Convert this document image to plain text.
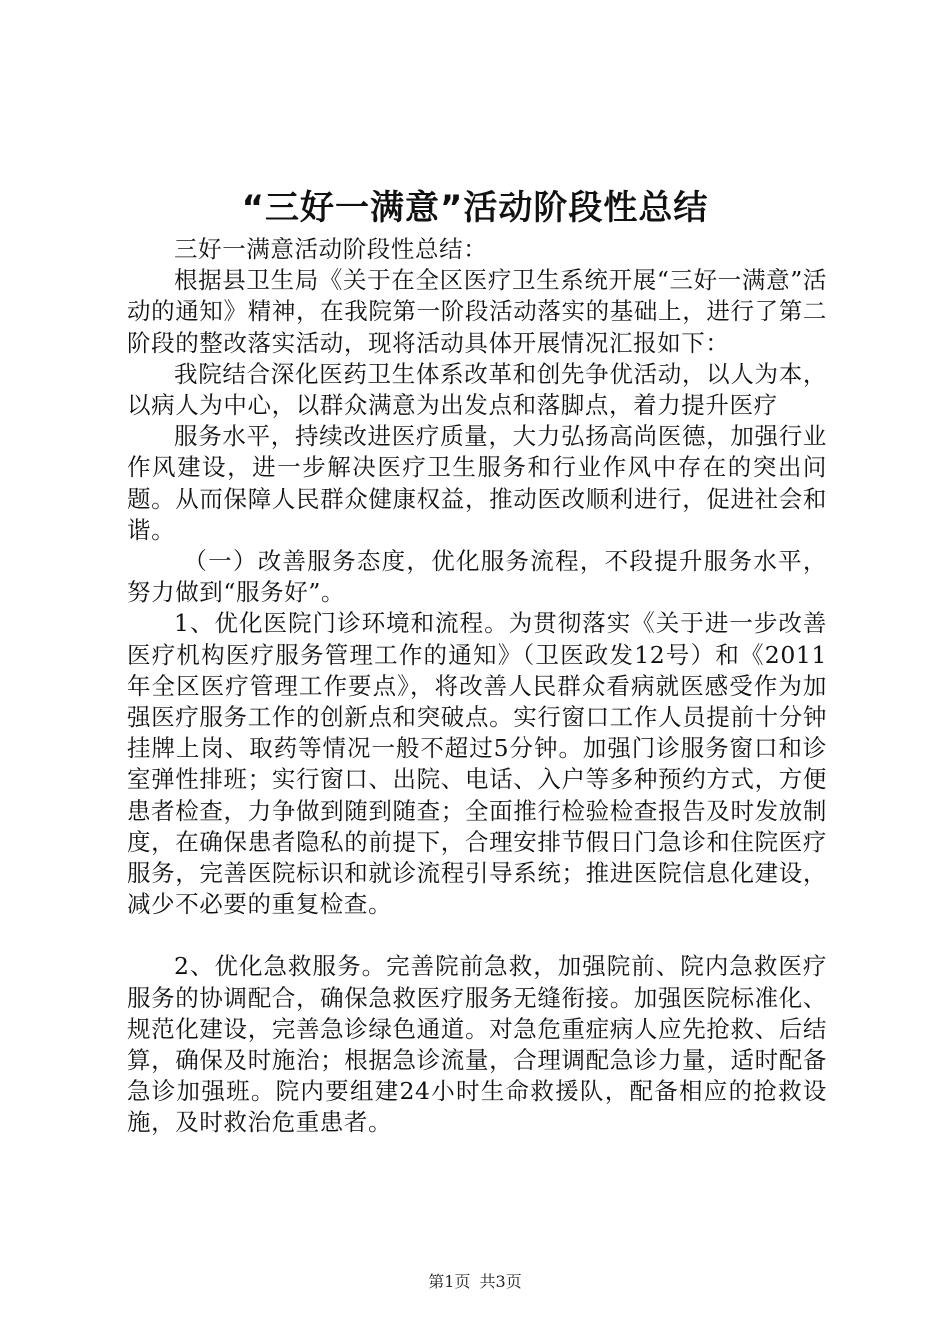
“三好一满意”活动阶段性总结

三好一满意活动阶段性总结：

根据县卫生局《关于在全区医疗卫生系统开展“三好一满意”活动的通知》精神，在我院第一阶段活动落实的基础上，进行了第二阶段的整改落实活动，现将活动具体开展情况汇报如下：

我院结合深化医药卫生体系改革和创先争优活动，以人为本，以病人为中心，以群众满意为出发点和落脚点，着力提升医疗

服务水平，持续改进医疗质量，大力弘扬高尚医德，加强行业作风建设，进一步解决医疗卫生服务和行业作风中存在的突出问题。从而保障人民群众健康权益，推动医改顺利进行，促进社会和谐。

（一）改善服务态度，优化服务流程，不段提升服务水平，努力做到“服务好”。

1、优化医院门诊环境和流程。为贯彻落实《关于进一步改善医疗机构医疗服务管理工作的通知》（卫医政发12号）和《2011年全区医疗管理工作要点》，将改善人民群众看病就医感受作为加强医疗服务工作的创新点和突破点。实行窗口工作人员提前十分钟挂牌上岗、取药等情况一般不超过5分钟。加强门诊服务窗口和诊室弹性排班；实行窗口、出院、电话、入户等多种预约方式，方便患者检查，力争做到随到随查；全面推行检验检查报告及时发放制度，在确保患者隐私的前提下，合理安排节假日门急诊和住院医疗服务，完善医院标识和就诊流程引导系统；推进医院信息化建设，减少不必要的重复检查。

2、优化急救服务。完善院前急救，加强院前、院内急救医疗服务的协调配合，确保急救医疗服务无缝衔接。加强医院标准化、规范化建设，完善急诊绿色通道。对急危重症病人应先抢救、后结算，确保及时施治；根据急诊流量，合理调配急诊力量，适时配备急诊加强班。院内要组建24小时生命救援队，配备相应的抢救设施，及时救治危重患者。

第1页 共3页
